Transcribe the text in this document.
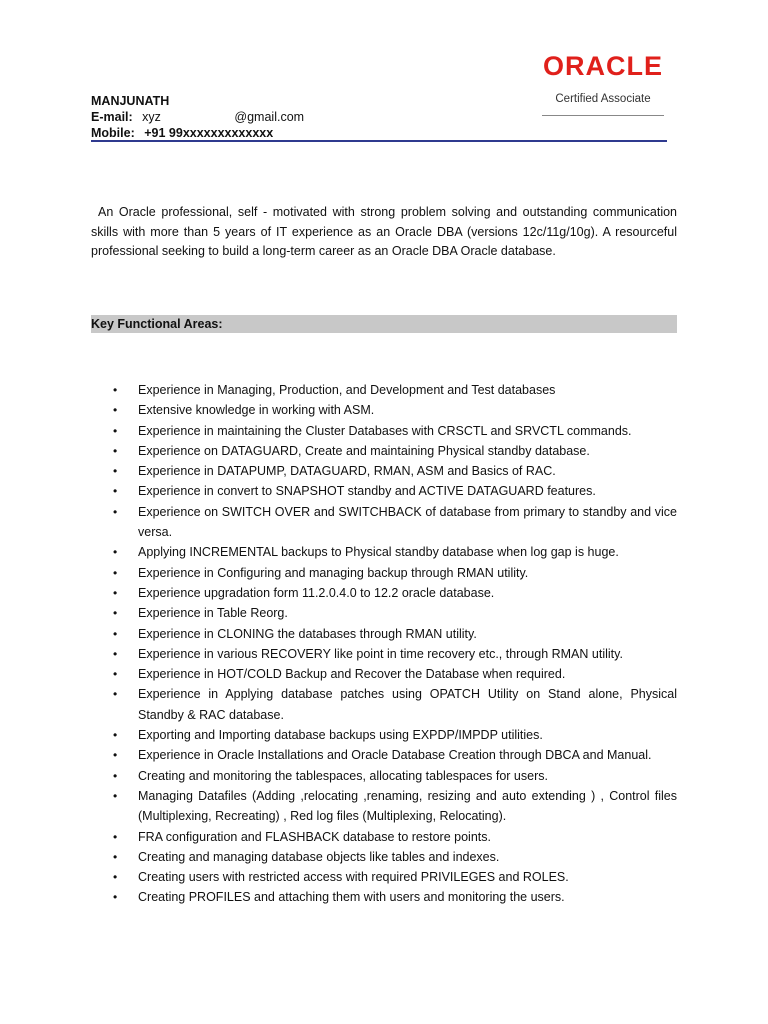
ORACLE
Certified Associate
MANJUNATH
E-mail: xyz	@gmail.com
Mobile: +91 99xxxxxxxxxxxxx
An Oracle professional, self - motivated with strong problem solving and outstanding communication skills with more than 5 years of IT experience as an Oracle DBA (versions 12c/11g/10g). A resourceful professional seeking to build a long-term career as an Oracle DBA Oracle database.
Key Functional Areas:
• Experience in Managing, Production, and Development and Test databases
• Extensive knowledge in working with ASM.
• Experience in maintaining the Cluster Databases with CRSCTL and SRVCTL commands.
• Experience on DATAGUARD, Create and maintaining Physical standby database.
• Experience in DATAPUMP, DATAGUARD, RMAN, ASM and Basics of RAC.
• Experience in convert to SNAPSHOT standby and ACTIVE DATAGUARD features.
• Experience on SWITCH OVER and SWITCHBACK of database from primary to standby and vice versa.
• Applying INCREMENTAL backups to Physical standby database when log gap is huge.
• Experience in Configuring and managing backup through RMAN utility.
• Experience upgradation form 11.2.0.4.0 to 12.2 oracle database.
• Experience in Table Reorg.
• Experience in CLONING the databases through RMAN utility.
• Experience in various RECOVERY like point in time recovery etc., through RMAN utility.
• Experience in HOT/COLD Backup and Recover the Database when required.
• Experience in Applying database patches using OPATCH Utility on Stand alone, Physical Standby & RAC database.
• Exporting and Importing database backups using EXPDP/IMPDP utilities.
• Experience in Oracle Installations and Oracle Database Creation through DBCA and Manual.
• Creating and monitoring the tablespaces, allocating tablespaces for users.
• Managing Datafiles (Adding ,relocating ,renaming, resizing and auto extending ) , Control files (Multiplexing, Recreating) , Red log files (Multiplexing, Relocating).
• FRA configuration and FLASHBACK database to restore points.
• Creating and managing database objects like tables and indexes.
• Creating users with restricted access with required PRIVILEGES and ROLES.
• Creating PROFILES and attaching them with users and monitoring the users.
